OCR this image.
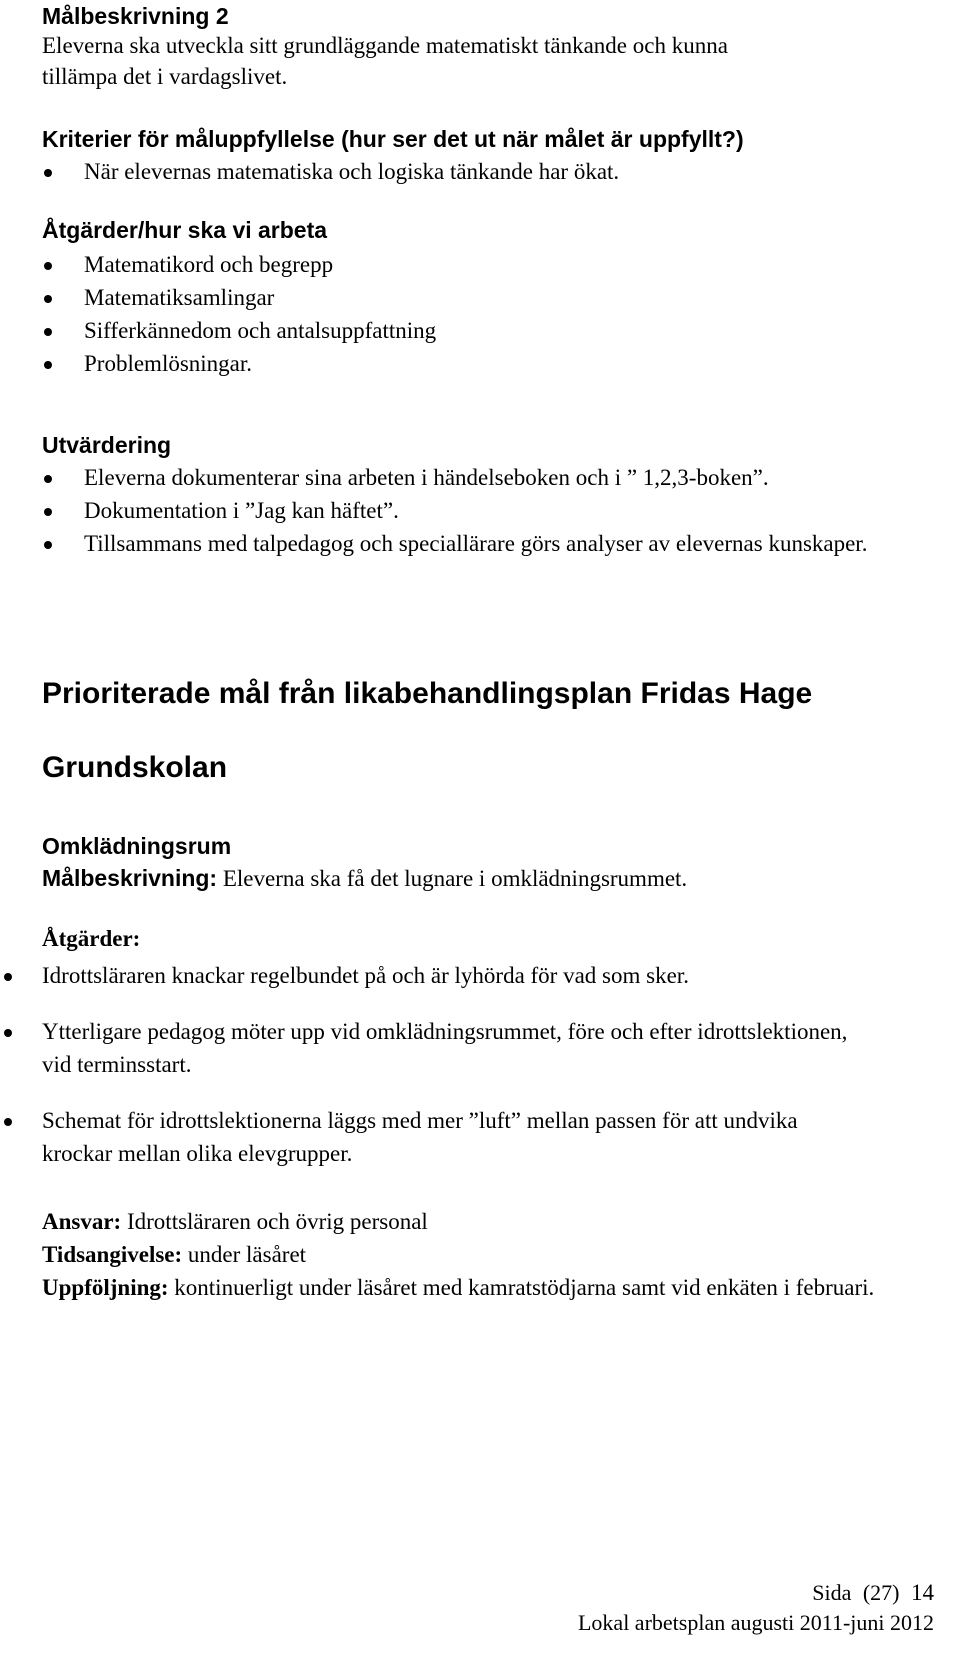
Målbeskrivning 2
Eleverna ska utveckla sitt grundläggande matematiskt tänkande och kunna
tillämpa det i vardagslivet.
Kriterier för måluppfyllelse (hur ser det ut när målet är uppfyllt?)
När elevernas matematiska och logiska tänkande har ökat.
Åtgärder/hur ska vi arbeta
Matematikord och begrepp
Matematiksamlingar
Sifferkännedom och antalsuppfattning
Problemlösningar.
Utvärdering
Eleverna dokumenterar sina arbeten i händelseboken och i ” 1,2,3-boken”.
Dokumentation i ”Jag kan häftet”.
Tillsammans med talpedagog och speciallärare görs analyser av elevernas kunskaper.
Prioriterade mål från likabehandlingsplan Fridas Hage
Grundskolan
Omklädningsrum
Målbeskrivning: Eleverna ska få det lugnare i omklädningsrummet.
Åtgärder:
Idrottsläraren knackar regelbundet på och är lyhörda för vad som sker.
Ytterligare pedagog möter upp vid omklädningsrummet, före och efter idrottslektionen, vid terminsstart.
Schemat för idrottslektionerna läggs med mer ”luft” mellan passen för att undvika krockar mellan olika elevgrupper.
Ansvar: Idrottsläraren och övrig personal
Tidsangivelse: under läsåret
Uppföljning: kontinuerligt under läsåret med kamratstödjarna samt vid enkäten i februari.
Sida (27) 14
Lokal arbetsplan augusti 2011-juni 2012
